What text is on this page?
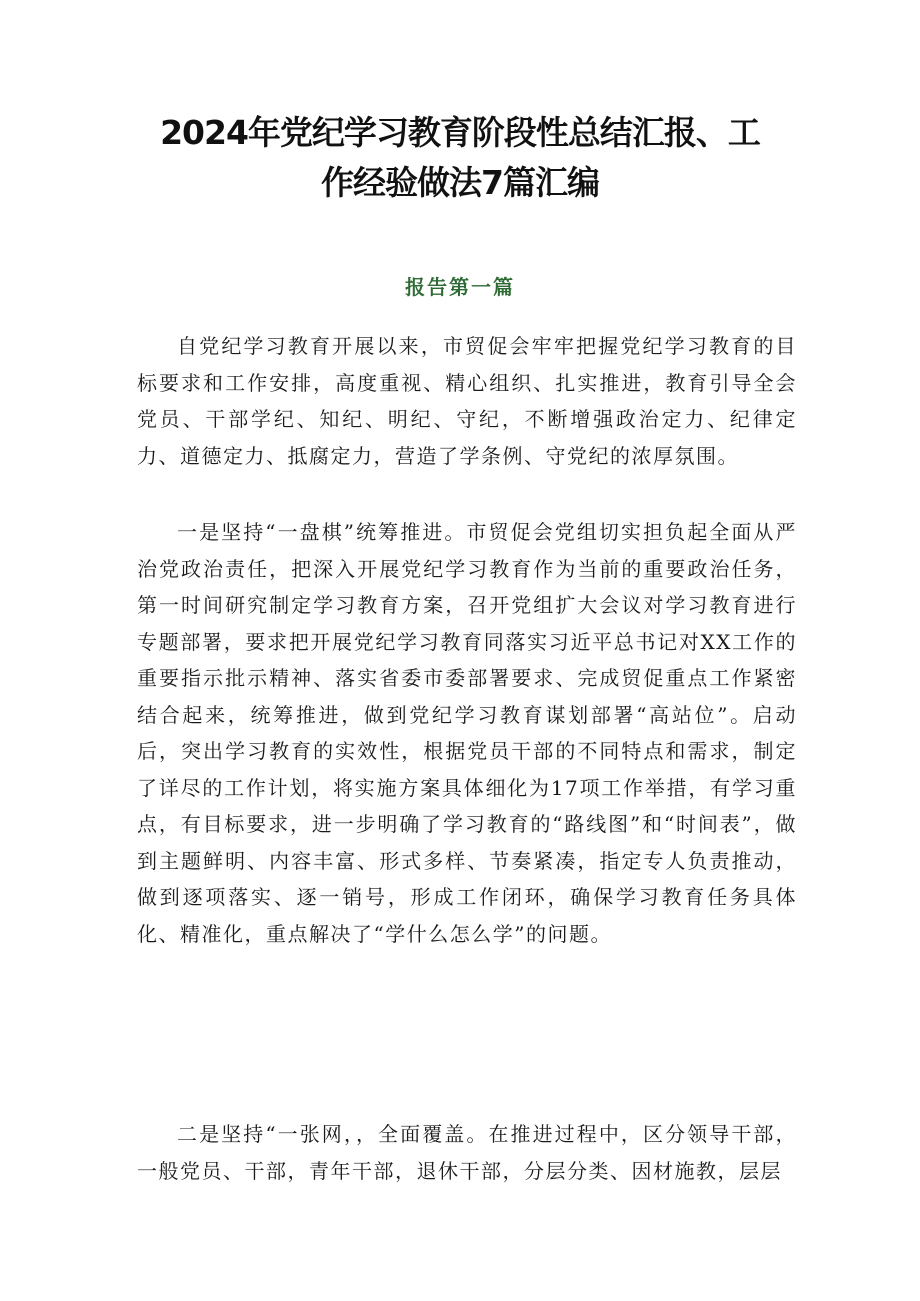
2024年党纪学习教育阶段性总结汇报、工
作经验做法7篇汇编
报告第一篇

自党纪学习教育开展以来，市贸促会牢牢把握党纪学习教育的目标要求和工作安排，高度重视、精心组织、扎实推进，教育引导全会党员、干部学纪、知纪、明纪、守纪，不断增强政治定力、纪律定力、道德定力、抵腐定力，营造了学条例、守党纪的浓厚氛围。

一是坚持“一盘棋”统筹推进。市贸促会党组切实担负起全面从严治党政治责任，把深入开展党纪学习教育作为当前的重要政治任务，第一时间研究制定学习教育方案，召开党组扩大会议对学习教育进行专题部署，要求把开展党纪学习教育同落实习近平总书记对XX工作的重要指示批示精神、落实省委市委部署要求、完成贸促重点工作紧密结合起来，统筹推进，做到党纪学习教育谋划部署“高站位”。启动后，突出学习教育的实效性，根据党员干部的不同特点和需求，制定了详尽的工作计划，将实施方案具体细化为17项工作举措，有学习重点，有目标要求，进一步明确了学习教育的“路线图”和“时间表”，做到主题鲜明、内容丰富、形式多样、节奏紧凑，指定专人负责推动，做到逐项落实、逐一销号，形成工作闭环，确保学习教育任务具体化、精准化，重点解决了“学什么怎么学”的问题。

二是坚持“一张网，，全面覆盖。在推进过程中，区分领导干部，一般党员、干部，青年干部，退休干部，分层分类、因材施教，层层
